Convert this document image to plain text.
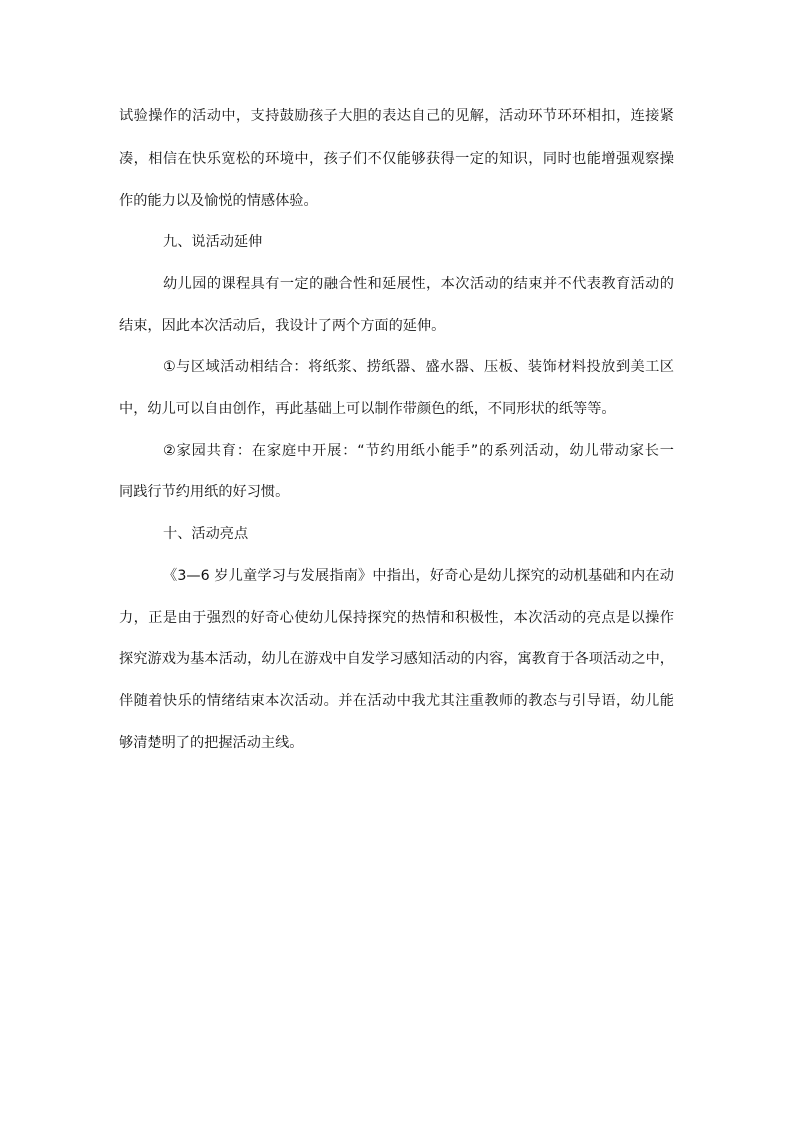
试验操作的活动中，支持鼓励孩子大胆的表达自己的见解，活动环节环环相扣，连接紧
凑，相信在快乐宽松的环境中，孩子们不仅能够获得一定的知识，同时也能增强观察操
作的能力以及愉悦的情感体验。
九、说活动延伸
幼儿园的课程具有一定的融合性和延展性，本次活动的结束并不代表教育活动的
结束，因此本次活动后，我设计了两个方面的延伸。
①与区域活动相结合：将纸浆、捞纸器、盛水器、压板、装饰材料投放到美工区
中，幼儿可以自由创作，再此基础上可以制作带颜色的纸，不同形状的纸等等。
②家园共育：在家庭中开展：“节约用纸小能手”的系列活动，幼儿带动家长一
同践行节约用纸的好习惯。
十、活动亮点
《3—6 岁儿童学习与发展指南》中指出，好奇心是幼儿探究的动机基础和内在动
力，正是由于强烈的好奇心使幼儿保持探究的热情和积极性，本次活动的亮点是以操作
探究游戏为基本活动，幼儿在游戏中自发学习感知活动的内容，寓教育于各项活动之中，
伴随着快乐的情绪结束本次活动。并在活动中我尤其注重教师的教态与引导语，幼儿能
够清楚明了的把握活动主线。
